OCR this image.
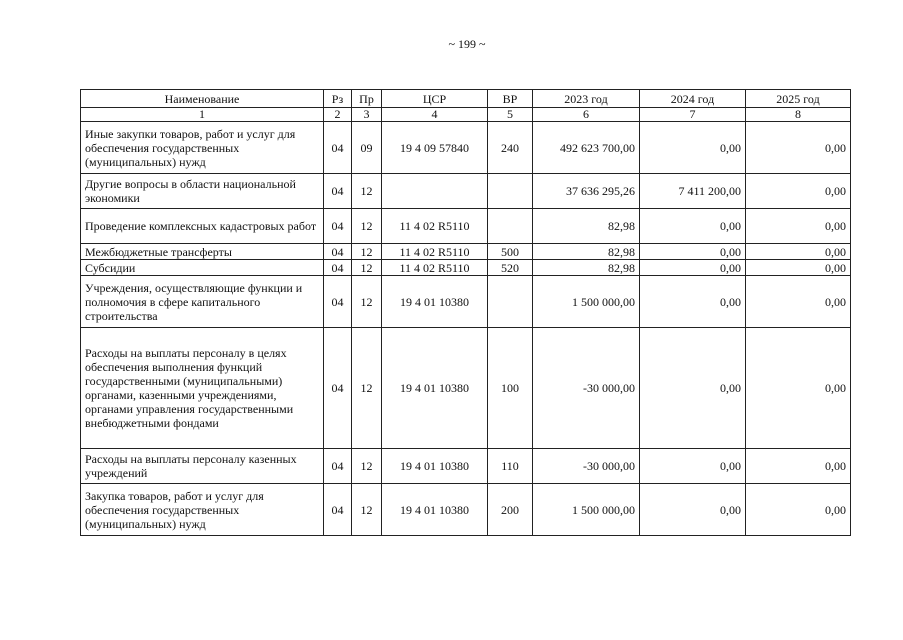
~ 199 ~
Наименование	Рз	Пр	ЦСР	ВР	2023 год	2024 год	2025 год
1	2	3	4	5	6	7	8
Иные закупки товаров, работ и услуг для обеспечения государственных (муниципальных) нужд	04	09	19 4 09 57840	240	492 623 700,00	0,00	0,00
Другие вопросы в области национальной экономики	04	12			37 636 295,26	7 411 200,00	0,00
Проведение комплексных кадастровых работ	04	12	11 4 02 R5110		82,98	0,00	0,00
Межбюджетные трансферты	04	12	11 4 02 R5110	500	82,98	0,00	0,00
Субсидии	04	12	11 4 02 R5110	520	82,98	0,00	0,00
Учреждения, осуществляющие функции и полномочия в сфере капитального строительства	04	12	19 4 01 10380		1 500 000,00	0,00	0,00
Расходы на выплаты персоналу в целях обеспечения выполнения функций государственными (муниципальными) органами, казенными учреждениями, органами управления государственными внебюджетными фондами	04	12	19 4 01 10380	100	-30 000,00	0,00	0,00
Расходы на выплаты персоналу казенных учреждений	04	12	19 4 01 10380	110	-30 000,00	0,00	0,00
Закупка товаров, работ и услуг для обеспечения государственных (муниципальных) нужд	04	12	19 4 01 10380	200	1 500 000,00	0,00	0,00
